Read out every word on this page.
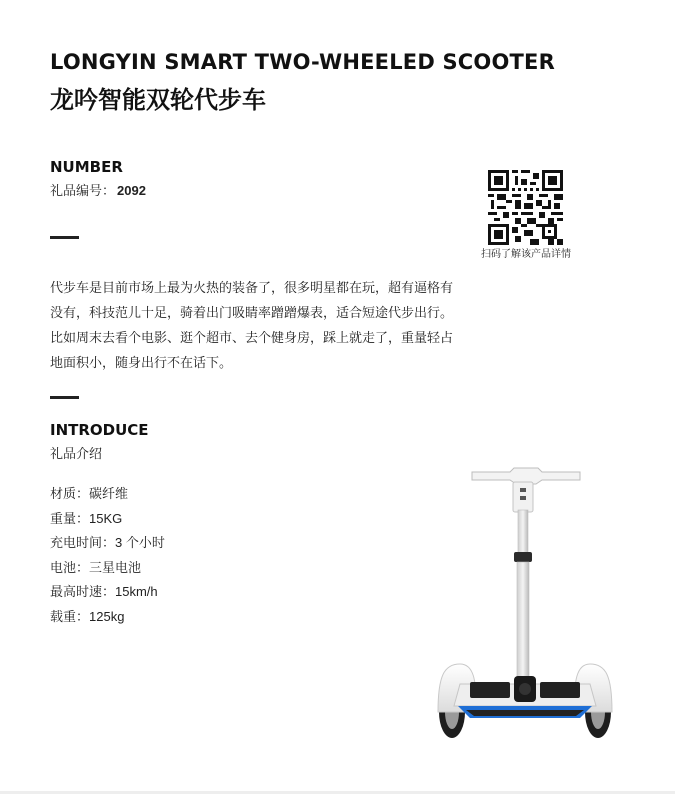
LONGYIN SMART TWO-WHEELED SCOOTER
龙吟智能双轮代步车
NUMBER
礼品编号： 2092
代步车是目前市场上最为火热的装备了，很多明星都在玩，超有逼格有没有，科技范儿十足，骑着出门吸睛率蹭蹭爆表，适合短途代步出行。比如周末去看个电影、逛个超市、去个健身房，踩上就走了，重量轻占地面积小，随身出行不在话下。
INTRODUCE
礼品介绍
材质：碳纤维
重量：15KG
充电时间：3 个小时
电池：三星电池
最高时速：15km/h
载重：125kg
扫码了解该产品详情
